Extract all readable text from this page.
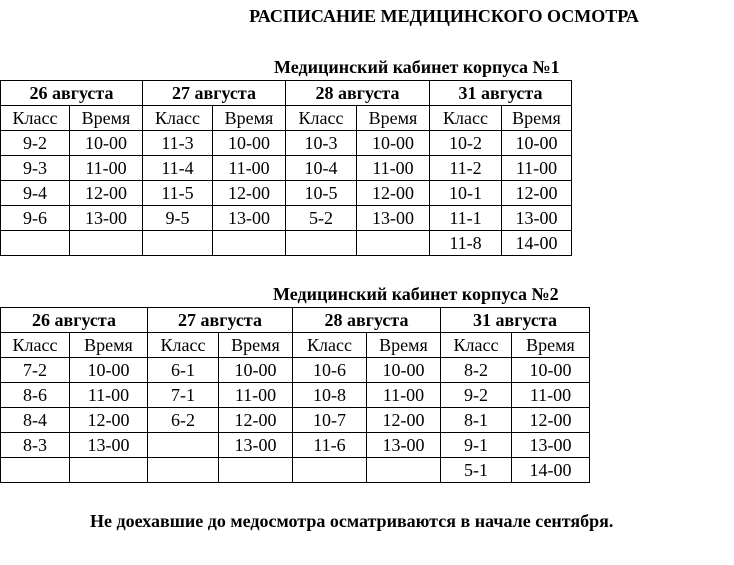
РАСПИСАНИЕ МЕДИЦИНСКОГО ОСМОТРА
Медицинский кабинет корпуса №1
26 августа		27 августа		28 августа		31 августа	
Класс	Время	Класс	Время	Класс	Время	Класс	Время
9-2	10-00	11-3	10-00	10-3	10-00	10-2	10-00
9-3	11-00	11-4	11-00	10-4	11-00	11-2	11-00
9-4	12-00	11-5	12-00	10-5	12-00	10-1	12-00
9-6	13-00	9-5	13-00	5-2	13-00	11-1	13-00
						11-8	14-00
Медицинский кабинет корпуса №2
26 августа		27 августа		28 августа		31 августа	
Класс	Время	Класс	Время	Класс	Время	Класс	Время
7-2	10-00	6-1	10-00	10-6	10-00	8-2	10-00
8-6	11-00	7-1	11-00	10-8	11-00	9-2	11-00
8-4	12-00	6-2	12-00	10-7	12-00	8-1	12-00
8-3	13-00		13-00	11-6	13-00	9-1	13-00
						5-1	14-00
Не доехавшие до медосмотра осматриваются в начале сентября.
